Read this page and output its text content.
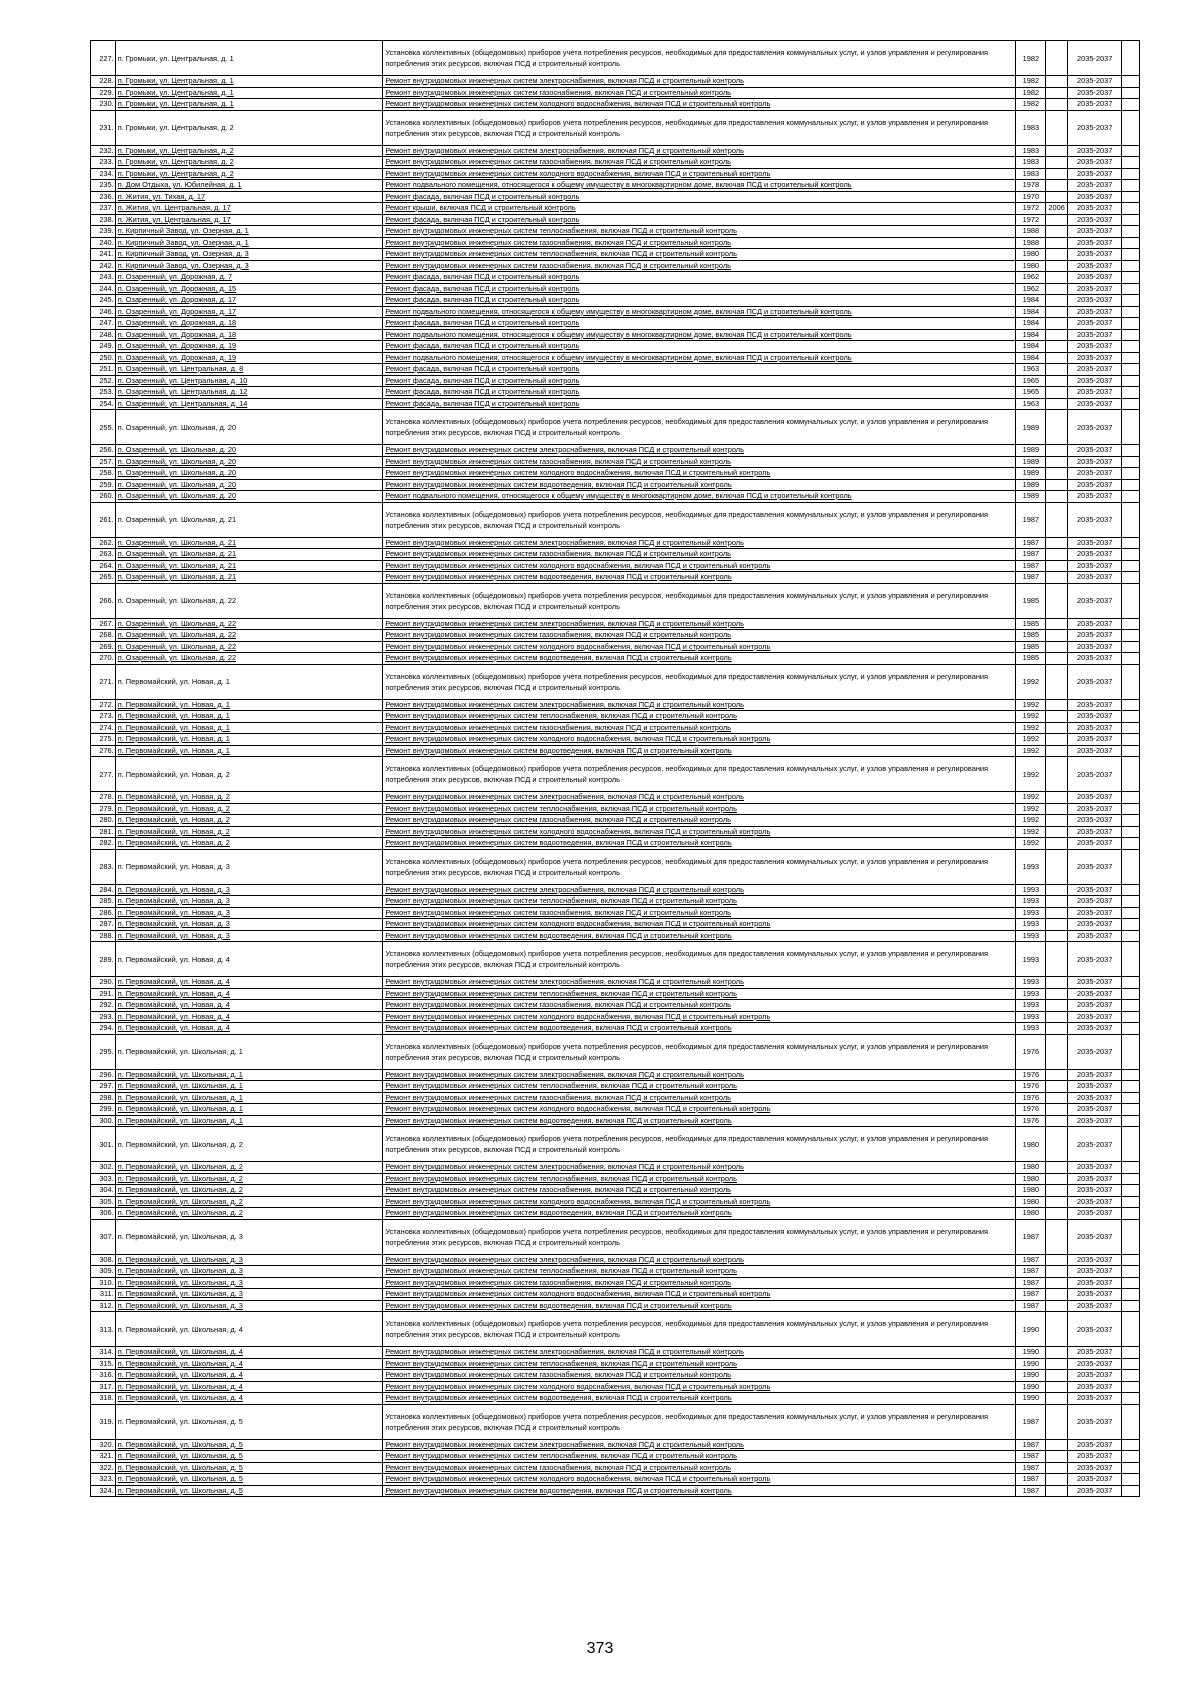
227.	п. Громыки, ул. Центральная, д. 1	Установка коллективных (общедомовых) приборов учета потребления ресурсов, необходимых для предоставления коммунальных услуг, и узлов управления и регулирования потребления этих ресурсов, включая ПСД и строительный контроль	1982		2035-2037	
228.	п. Громыки, ул. Центральная, д. 1	Ремонт внутридомовых инженерных систем электроснабжения, включая ПСД и строительный контроль	1982		2035-2037	
229.	п. Громыки, ул. Центральная, д. 1	Ремонт внутридомовых инженерных систем газоснабжения, включая ПСД и строительный контроль	1982		2035-2037	
230.	п. Громыки, ул. Центральная, д. 1	Ремонт внутридомовых инженерных систем холодного водоснабжения, включая ПСД и строительный контроль	1982		2035-2037	
231.	п. Громыки, ул. Центральная, д. 2	Установка коллективных (общедомовых) приборов учета потребления ресурсов, необходимых для предоставления коммунальных услуг, и узлов управления и регулирования потребления этих ресурсов, включая ПСД и строительный контроль	1983		2035-2037	
232.	п. Громыки, ул. Центральная, д. 2	Ремонт внутридомовых инженерных систем электроснабжения, включая ПСД и строительный контроль	1983		2035-2037	
233.	п. Громыки, ул. Центральная, д. 2	Ремонт внутридомовых инженерных систем газоснабжения, включая ПСД и строительный контроль	1983		2035-2037	
234.	п. Громыки, ул. Центральная, д. 2	Ремонт внутридомовых инженерных систем холодного водоснабжения, включая ПСД и строительный контроль	1983		2035-2037	
235.	п. Дом Отдыха, ул. Юбилейная, д. 1	Ремонт подвального помещения, относящегося к общему имуществу в многоквартирном доме, включая ПСД и строительный контроль	1978		2035-2037	
236.	п. Жития, ул. Тихая, д. 17	Ремонт фасада, включая ПСД и строительный контроль	1970		2035-2037	
237.	п. Жития, ул. Центральная, д. 17	Ремонт крыши, включая ПСД и строительный контроль	1972	2006	2035-2037	
238.	п. Жития, ул. Центральная, д. 17	Ремонт фасада, включая ПСД и строительный контроль	1972		2035-2037	
239.	п. Кирпичный Завод, ул. Озерная, д. 1	Ремонт внутридомовых инженерных систем теплоснабжения, включая ПСД и строительный контроль	1988		2035-2037	
240.	п. Кирпичный Завод, ул. Озерная, д. 1	Ремонт внутридомовых инженерных систем газоснабжения, включая ПСД и строительный контроль	1988		2035-2037	
241.	п. Кирпичный Завод, ул. Озерная, д. 3	Ремонт внутридомовых инженерных систем теплоснабжения, включая ПСД и строительный контроль	1980		2035-2037	
242.	п. Кирпичный Завод, ул. Озерная, д. 3	Ремонт внутридомовых инженерных систем газоснабжения, включая ПСД и строительный контроль	1980		2035-2037	
243.	п. Озаренный, ул. Дорожная, д. 7	Ремонт фасада, включая ПСД и строительный контроль	1962		2035-2037	
244.	п. Озаренный, ул. Дорожная, д. 15	Ремонт фасада, включая ПСД и строительный контроль	1962		2035-2037	
245.	п. Озаренный, ул. Дорожная, д. 17	Ремонт фасада, включая ПСД и строительный контроль	1984		2035-2037	
246.	п. Озаренный, ул. Дорожная, д. 17	Ремонт подвального помещения, относящегося к общему имуществу в многоквартирном доме, включая ПСД и строительный контроль	1984		2035-2037	
247.	п. Озаренный, ул. Дорожная, д. 18	Ремонт фасада, включая ПСД и строительный контроль	1984		2035-2037	
248.	п. Озаренный, ул. Дорожная, д. 18	Ремонт подвального помещения, относящегося к общему имуществу в многоквартирном доме, включая ПСД и строительный контроль	1984		2035-2037	
249.	п. Озаренный, ул. Дорожная, д. 19	Ремонт фасада, включая ПСД и строительный контроль	1984		2035-2037	
250.	п. Озаренный, ул. Дорожная, д. 19	Ремонт подвального помещения, относящегося к общему имуществу в многоквартирном доме, включая ПСД и строительный контроль	1984		2035-2037	
251.	п. Озаренный, ул. Центральная, д. 8	Ремонт фасада, включая ПСД и строительный контроль	1963		2035-2037	
252.	п. Озаренный, ул. Центральная, д. 10	Ремонт фасада, включая ПСД и строительный контроль	1965		2035-2037	
253.	п. Озаренный, ул. Центральная, д. 12	Ремонт фасада, включая ПСД и строительный контроль	1965		2035-2037	
254.	п. Озаренный, ул. Центральная, д. 14	Ремонт фасада, включая ПСД и строительный контроль	1963		2035-2037	
255.	п. Озаренный, ул. Школьная, д. 20	Установка коллективных (общедомовых) приборов учета потребления ресурсов, необходимых для предоставления коммунальных услуг, и узлов управления и регулирования потребления этих ресурсов, включая ПСД и строительный контроль	1989		2035-2037	
256.	п. Озаренный, ул. Школьная, д. 20	Ремонт внутридомовых инженерных систем электроснабжения, включая ПСД и строительный контроль	1989		2035-2037	
257.	п. Озаренный, ул. Школьная, д. 20	Ремонт внутридомовых инженерных систем газоснабжения, включая ПСД и строительный контроль	1989		2035-2037	
258.	п. Озаренный, ул. Школьная, д. 20	Ремонт внутридомовых инженерных систем холодного водоснабжения, включая ПСД и строительный контроль	1989		2035-2037	
259.	п. Озаренный, ул. Школьная, д. 20	Ремонт внутридомовых инженерных систем водоотведения, включая ПСД и строительный контроль	1989		2035-2037	
260.	п. Озаренный, ул. Школьная, д. 20	Ремонт подвального помещения, относящегося к общему имуществу в многоквартирном доме, включая ПСД и строительный контроль	1989		2035-2037	
261.	п. Озаренный, ул. Школьная, д. 21	Установка коллективных (общедомовых) приборов учета потребления ресурсов, необходимых для предоставления коммунальных услуг, и узлов управления и регулирования потребления этих ресурсов, включая ПСД и строительный контроль	1987		2035-2037	
262.	п. Озаренный, ул. Школьная, д. 21	Ремонт внутридомовых инженерных систем электроснабжения, включая ПСД и строительный контроль	1987		2035-2037	
263.	п. Озаренный, ул. Школьная, д. 21	Ремонт внутридомовых инженерных систем газоснабжения, включая ПСД и строительный контроль	1987		2035-2037	
264.	п. Озаренный, ул. Школьная, д. 21	Ремонт внутридомовых инженерных систем холодного водоснабжения, включая ПСД и строительный контроль	1987		2035-2037	
265.	п. Озаренный, ул. Школьная, д. 21	Ремонт внутридомовых инженерных систем водоотведения, включая ПСД и строительный контроль	1987		2035-2037	
266.	п. Озаренный, ул. Школьная, д. 22	Установка коллективных (общедомовых) приборов учета потребления ресурсов, необходимых для предоставления коммунальных услуг, и узлов управления и регулирования потребления этих ресурсов, включая ПСД и строительный контроль	1985		2035-2037	
267.	п. Озаренный, ул. Школьная, д. 22	Ремонт внутридомовых инженерных систем электроснабжения, включая ПСД и строительный контроль	1985		2035-2037	
268.	п. Озаренный, ул. Школьная, д. 22	Ремонт внутридомовых инженерных систем газоснабжения, включая ПСД и строительный контроль	1985		2035-2037	
269.	п. Озаренный, ул. Школьная, д. 22	Ремонт внутридомовых инженерных систем холодного водоснабжения, включая ПСД и строительный контроль	1985		2035-2037	
270.	п. Озаренный, ул. Школьная, д. 22	Ремонт внутридомовых инженерных систем водоотведения, включая ПСД и строительный контроль	1985		2035-2037	
271.	п. Первомайский, ул. Новая, д. 1	Установка коллективных (общедомовых) приборов учета потребления ресурсов, необходимых для предоставления коммунальных услуг, и узлов управления и регулирования потребления этих ресурсов, включая ПСД и строительный контроль	1992		2035-2037	
272.	п. Первомайский, ул. Новая, д. 1	Ремонт внутридомовых инженерных систем электроснабжения, включая ПСД и строительный контроль	1992		2035-2037	
273.	п. Первомайский, ул. Новая, д. 1	Ремонт внутридомовых инженерных систем теплоснабжения, включая ПСД и строительный контроль	1992		2035-2037	
274.	п. Первомайский, ул. Новая, д. 1	Ремонт внутридомовых инженерных систем газоснабжения, включая ПСД и строительный контроль	1992		2035-2037	
275.	п. Первомайский, ул. Новая, д. 1	Ремонт внутридомовых инженерных систем холодного водоснабжения, включая ПСД и строительный контроль	1992		2035-2037	
276.	п. Первомайский, ул. Новая, д. 1	Ремонт внутридомовых инженерных систем водоотведения, включая ПСД и строительный контроль	1992		2035-2037	
277.	п. Первомайский, ул. Новая, д. 2	Установка коллективных (общедомовых) приборов учета потребления ресурсов, необходимых для предоставления коммунальных услуг, и узлов управления и регулирования потребления этих ресурсов, включая ПСД и строительный контроль	1992		2035-2037	
278.	п. Первомайский, ул. Новая, д. 2	Ремонт внутридомовых инженерных систем электроснабжения, включая ПСД и строительный контроль	1992		2035-2037	
279.	п. Первомайский, ул. Новая, д. 2	Ремонт внутридомовых инженерных систем теплоснабжения, включая ПСД и строительный контроль	1992		2035-2037	
280.	п. Первомайский, ул. Новая, д. 2	Ремонт внутридомовых инженерных систем газоснабжения, включая ПСД и строительный контроль	1992		2035-2037	
281.	п. Первомайский, ул. Новая, д. 2	Ремонт внутридомовых инженерных систем холодного водоснабжения, включая ПСД и строительный контроль	1992		2035-2037	
282.	п. Первомайский, ул. Новая, д. 2	Ремонт внутридомовых инженерных систем водоотведения, включая ПСД и строительный контроль	1992		2035-2037	
283.	п. Первомайский, ул. Новая, д. 3	Установка коллективных (общедомовых) приборов учета потребления ресурсов, необходимых для предоставления коммунальных услуг, и узлов управления и регулирования потребления этих ресурсов, включая ПСД и строительный контроль	1993		2035-2037	
284.	п. Первомайский, ул. Новая, д. 3	Ремонт внутридомовых инженерных систем электроснабжения, включая ПСД и строительный контроль	1993		2035-2037	
285.	п. Первомайский, ул. Новая, д. 3	Ремонт внутридомовых инженерных систем теплоснабжения, включая ПСД и строительный контроль	1993		2035-2037	
286.	п. Первомайский, ул. Новая, д. 3	Ремонт внутридомовых инженерных систем газоснабжения, включая ПСД и строительный контроль	1993		2035-2037	
287.	п. Первомайский, ул. Новая, д. 3	Ремонт внутридомовых инженерных систем холодного водоснабжения, включая ПСД и строительный контроль	1993		2035-2037	
288.	п. Первомайский, ул. Новая, д. 3	Ремонт внутридомовых инженерных систем водоотведения, включая ПСД и строительный контроль	1993		2035-2037	
289.	п. Первомайский, ул. Новая, д. 4	Установка коллективных (общедомовых) приборов учета потребления ресурсов, необходимых для предоставления коммунальных услуг, и узлов управления и регулирования потребления этих ресурсов, включая ПСД и строительный контроль	1993		2035-2037	
290.	п. Первомайский, ул. Новая, д. 4	Ремонт внутридомовых инженерных систем электроснабжения, включая ПСД и строительный контроль	1993		2035-2037	
291.	п. Первомайский, ул. Новая, д. 4	Ремонт внутридомовых инженерных систем теплоснабжения, включая ПСД и строительный контроль	1993		2035-2037	
292.	п. Первомайский, ул. Новая, д. 4	Ремонт внутридомовых инженерных систем газоснабжения, включая ПСД и строительный контроль	1993		2035-2037	
293.	п. Первомайский, ул. Новая, д. 4	Ремонт внутридомовых инженерных систем холодного водоснабжения, включая ПСД и строительный контроль	1993		2035-2037	
294.	п. Первомайский, ул. Новая, д. 4	Ремонт внутридомовых инженерных систем водоотведения, включая ПСД и строительный контроль	1993		2035-2037	
295.	п. Первомайский, ул. Школьная, д. 1	Установка коллективных (общедомовых) приборов учета потребления ресурсов, необходимых для предоставления коммунальных услуг, и узлов управления и регулирования потребления этих ресурсов, включая ПСД и строительный контроль	1976		2035-2037	
296.	п. Первомайский, ул. Школьная, д. 1	Ремонт внутридомовых инженерных систем электроснабжения, включая ПСД и строительный контроль	1976		2035-2037	
297.	п. Первомайский, ул. Школьная, д. 1	Ремонт внутридомовых инженерных систем теплоснабжения, включая ПСД и строительный контроль	1976		2035-2037	
298.	п. Первомайский, ул. Школьная, д. 1	Ремонт внутридомовых инженерных систем газоснабжения, включая ПСД и строительный контроль	1976		2035-2037	
299.	п. Первомайский, ул. Школьная, д. 1	Ремонт внутридомовых инженерных систем холодного водоснабжения, включая ПСД и строительный контроль	1976		2035-2037	
300.	п. Первомайский, ул. Школьная, д. 1	Ремонт внутридомовых инженерных систем водоотведения, включая ПСД и строительный контроль	1976		2035-2037	
301.	п. Первомайский, ул. Школьная, д. 2	Установка коллективных (общедомовых) приборов учета потребления ресурсов, необходимых для предоставления коммунальных услуг, и узлов управления и регулирования потребления этих ресурсов, включая ПСД и строительный контроль	1980		2035-2037	
302.	п. Первомайский, ул. Школьная, д. 2	Ремонт внутридомовых инженерных систем электроснабжения, включая ПСД и строительный контроль	1980		2035-2037	
303.	п. Первомайский, ул. Школьная, д. 2	Ремонт внутридомовых инженерных систем теплоснабжения, включая ПСД и строительный контроль	1980		2035-2037	
304.	п. Первомайский, ул. Школьная, д. 2	Ремонт внутридомовых инженерных систем газоснабжения, включая ПСД и строительный контроль	1980		2035-2037	
305.	п. Первомайский, ул. Школьная, д. 2	Ремонт внутридомовых инженерных систем холодного водоснабжения, включая ПСД и строительный контроль	1980		2035-2037	
306.	п. Первомайский, ул. Школьная, д. 2	Ремонт внутридомовых инженерных систем водоотведения, включая ПСД и строительный контроль	1980		2035-2037	
307.	п. Первомайский, ул. Школьная, д. 3	Установка коллективных (общедомовых) приборов учета потребления ресурсов, необходимых для предоставления коммунальных услуг, и узлов управления и регулирования потребления этих ресурсов, включая ПСД и строительный контроль	1987		2035-2037	
308.	п. Первомайский, ул. Школьная, д. 3	Ремонт внутридомовых инженерных систем электроснабжения, включая ПСД и строительный контроль	1987		2035-2037	
309.	п. Первомайский, ул. Школьная, д. 3	Ремонт внутридомовых инженерных систем теплоснабжения, включая ПСД и строительный контроль	1987		2035-2037	
310.	п. Первомайский, ул. Школьная, д. 3	Ремонт внутридомовых инженерных систем газоснабжения, включая ПСД и строительный контроль	1987		2035-2037	
311.	п. Первомайский, ул. Школьная, д. 3	Ремонт внутридомовых инженерных систем холодного водоснабжения, включая ПСД и строительный контроль	1987		2035-2037	
312.	п. Первомайский, ул. Школьная, д. 3	Ремонт внутридомовых инженерных систем водоотведения, включая ПСД и строительный контроль	1987		2035-2037	
313.	п. Первомайский, ул. Школьная, д. 4	Установка коллективных (общедомовых) приборов учета потребления ресурсов, необходимых для предоставления коммунальных услуг, и узлов управления и регулирования потребления этих ресурсов, включая ПСД и строительный контроль	1990		2035-2037	
314.	п. Первомайский, ул. Школьная, д. 4	Ремонт внутридомовых инженерных систем электроснабжения, включая ПСД и строительный контроль	1990		2035-2037	
315.	п. Первомайский, ул. Школьная, д. 4	Ремонт внутридомовых инженерных систем теплоснабжения, включая ПСД и строительный контроль	1990		2035-2037	
316.	п. Первомайский, ул. Школьная, д. 4	Ремонт внутридомовых инженерных систем газоснабжения, включая ПСД и строительный контроль	1990		2035-2037	
317.	п. Первомайский, ул. Школьная, д. 4	Ремонт внутридомовых инженерных систем холодного водоснабжения, включая ПСД и строительный контроль	1990		2035-2037	
318.	п. Первомайский, ул. Школьная, д. 4	Ремонт внутридомовых инженерных систем водоотведения, включая ПСД и строительный контроль	1990		2035-2037	
319.	п. Первомайский, ул. Школьная, д. 5	Установка коллективных (общедомовых) приборов учета потребления ресурсов, необходимых для предоставления коммунальных услуг, и узлов управления и регулирования потребления этих ресурсов, включая ПСД и строительный контроль	1987		2035-2037	
320.	п. Первомайский, ул. Школьная, д. 5	Ремонт внутридомовых инженерных систем электроснабжения, включая ПСД и строительный контроль	1987		2035-2037	
321.	п. Первомайский, ул. Школьная, д. 5	Ремонт внутридомовых инженерных систем теплоснабжения, включая ПСД и строительный контроль	1987		2035-2037	
322.	п. Первомайский, ул. Школьная, д. 5	Ремонт внутридомовых инженерных систем газоснабжения, включая ПСД и строительный контроль	1987		2035-2037	
323.	п. Первомайский, ул. Школьная, д. 5	Ремонт внутридомовых инженерных систем холодного водоснабжения, включая ПСД и строительный контроль	1987		2035-2037	
324.	п. Первомайский, ул. Школьная, д. 5	Ремонт внутридомовых инженерных систем водоотведения, включая ПСД и строительный контроль	1987		2035-2037	
373
